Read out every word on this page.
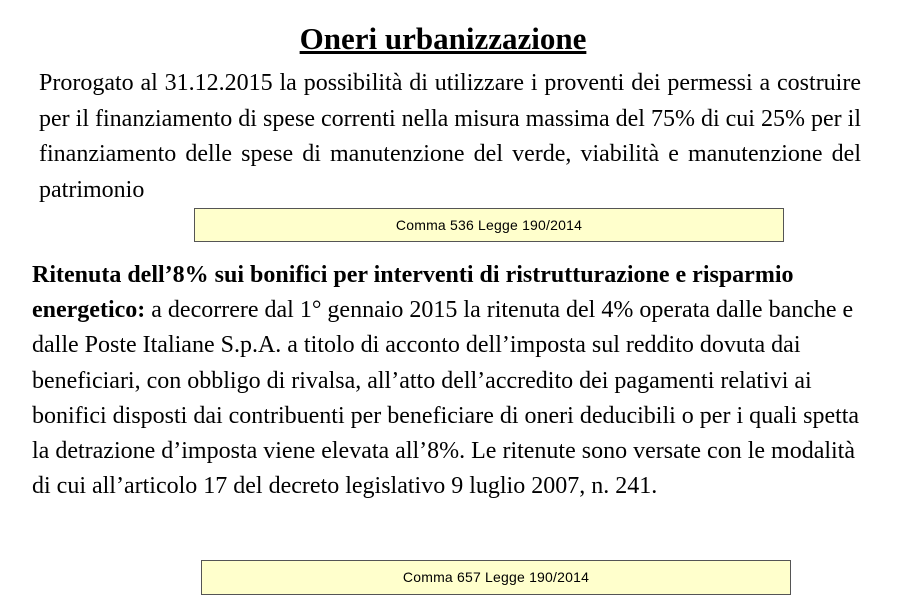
Oneri urbanizzazione

Prorogato al 31.12.2015 la possibilità di utilizzare i proventi dei permessi a costruire per il finanziamento di spese correnti nella misura massima del 75% di cui 25% per il finanziamento delle spese di manutenzione del verde, viabilità e manutenzione del patrimonio

Comma 536 Legge 190/2014

Ritenuta dell’8% sui bonifici per interventi di ristrutturazione e risparmio energetico: a decorrere dal 1° gennaio 2015 la ritenuta del 4% operata dalle banche e dalle Poste Italiane S.p.A. a titolo di acconto dell’imposta sul reddito dovuta dai beneficiari, con obbligo di rivalsa, all’atto dell’accredito dei pagamenti relativi ai bonifici disposti dai contribuenti per beneficiare di oneri deducibili o per i quali spetta la detrazione d’imposta viene elevata all’8%. Le ritenute sono versate con le modalità di cui all’articolo 17 del decreto legislativo 9 luglio 2007, n. 241.

Comma 657 Legge 190/2014
